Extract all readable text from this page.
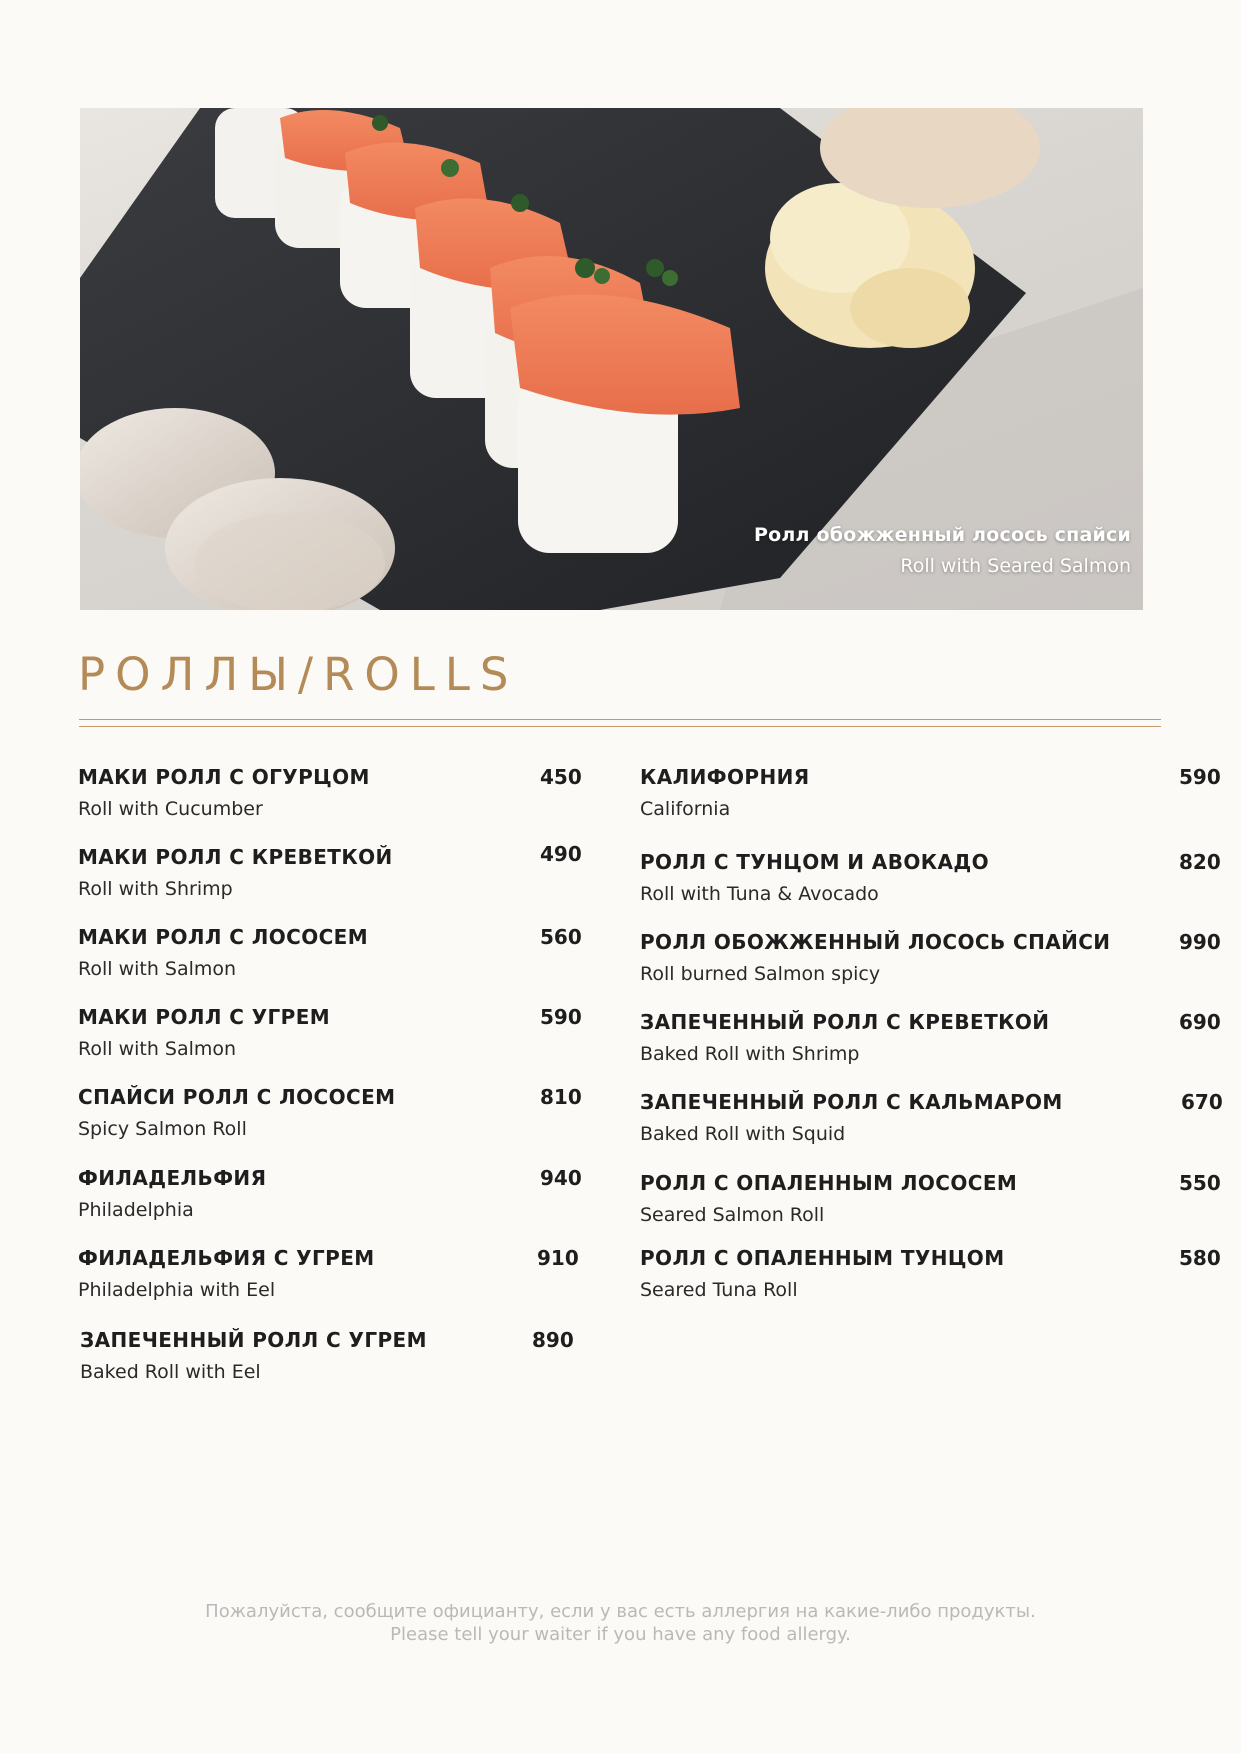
Ролл обожженный лосось спайси
Roll with Seared Salmon
РОЛЛЫ/ROLLS
МАКИ РОЛЛ С ОГУРЦОМ
Roll with Cucumber
450
МАКИ РОЛЛ С КРЕВЕТКОЙ
Roll with Shrimp
490
МАКИ РОЛЛ С ЛОСОСЕМ
Roll with Salmon
560
МАКИ РОЛЛ С УГРЕМ
Roll with Salmon
590
СПАЙСИ РОЛЛ С ЛОСОСЕМ
Spicy Salmon Roll
810
ФИЛАДЕЛЬФИЯ
Philadelphia
940
ФИЛАДЕЛЬФИЯ С УГРЕМ
Philadelphia with Eel
910
ЗАПЕЧЕННЫЙ РОЛЛ С УГРЕМ
Baked Roll with Eel
890
КАЛИФОРНИЯ
California
590
РОЛЛ С ТУНЦОМ И АВОКАДО
Roll with Tuna & Avocado
820
РОЛЛ ОБОЖЖЕННЫЙ ЛОСОСЬ СПАЙСИ
Roll burned Salmon spicy
990
ЗАПЕЧЕННЫЙ РОЛЛ С КРЕВЕТКОЙ
Baked Roll with Shrimp
690
ЗАПЕЧЕННЫЙ РОЛЛ С КАЛЬМАРОМ
Baked Roll with Squid
670
РОЛЛ С ОПАЛЕННЫМ ЛОСОСЕМ
Seared Salmon Roll
550
РОЛЛ С ОПАЛЕННЫМ ТУНЦОМ
Seared Tuna Roll
580
Пожалуйста, сообщите официанту, если у вас есть аллергия на какие-либо продукты.
Please tell your waiter if you have any food allergy.
